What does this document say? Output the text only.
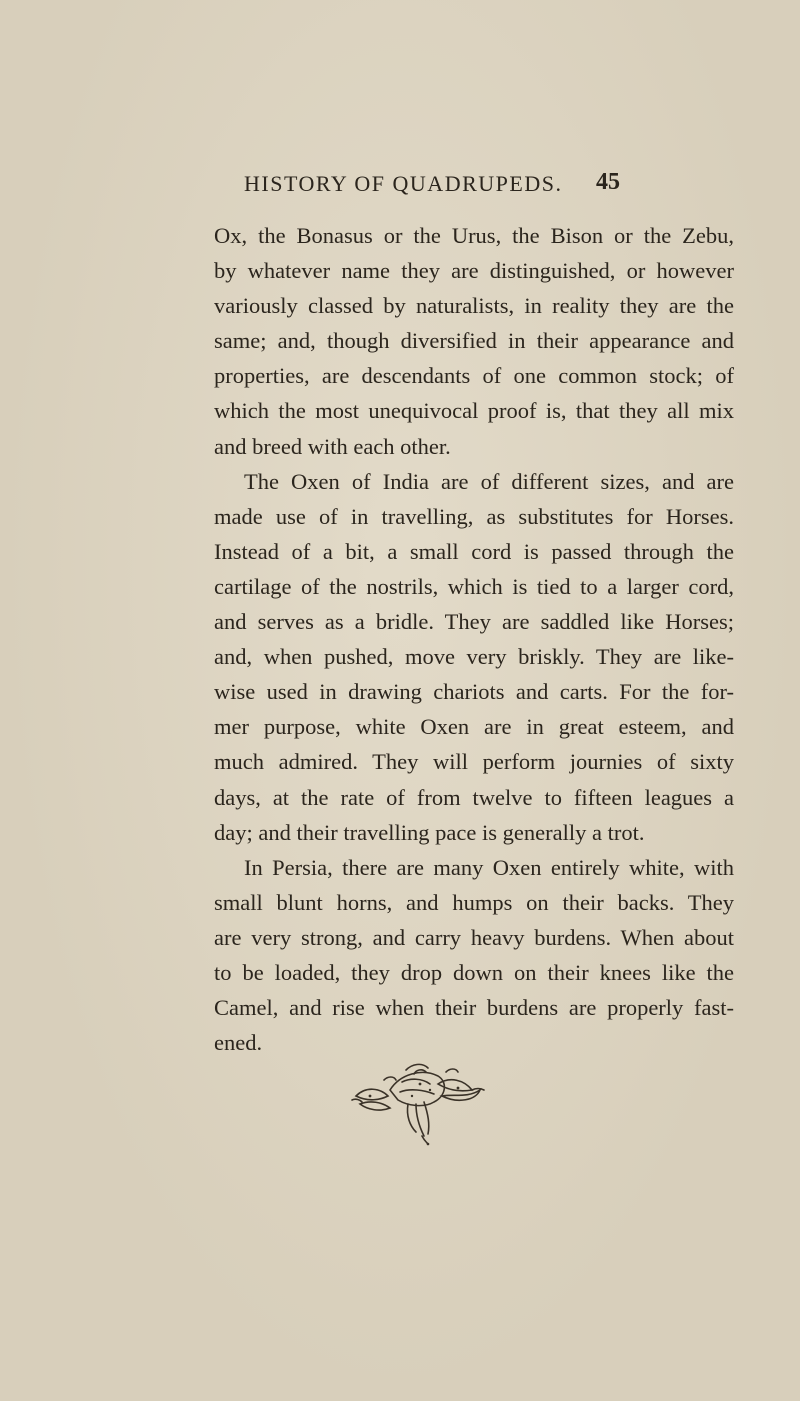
HISTORY OF QUADRUPEDS. 45
Ox, the Bonasus or the Urus, the Bison or the Zebu,
by whatever name they are distinguished, or however
variously classed by naturalists, in reality they are the
same; and, though diversified in their appearance and
properties, are descendants of one common stock; of
which the most unequivocal proof is, that they all mix
and breed with each other.
The Oxen of India are of different sizes, and are
made use of in travelling, as substitutes for Horses.
Instead of a bit, a small cord is passed through the
cartilage of the nostrils, which is tied to a larger cord,
and serves as a bridle. They are saddled like Horses;
and, when pushed, move very briskly. They are like-
wise used in drawing chariots and carts. For the for-
mer purpose, white Oxen are in great esteem, and
much admired. They will perform journies of sixty
days, at the rate of from twelve to fifteen leagues a
day; and their travelling pace is generally a trot.
In Persia, there are many Oxen entirely white, with
small blunt horns, and humps on their backs. They
are very strong, and carry heavy burdens. When about
to be loaded, they drop down on their knees like the
Camel, and rise when their burdens are properly fast-
ened.
